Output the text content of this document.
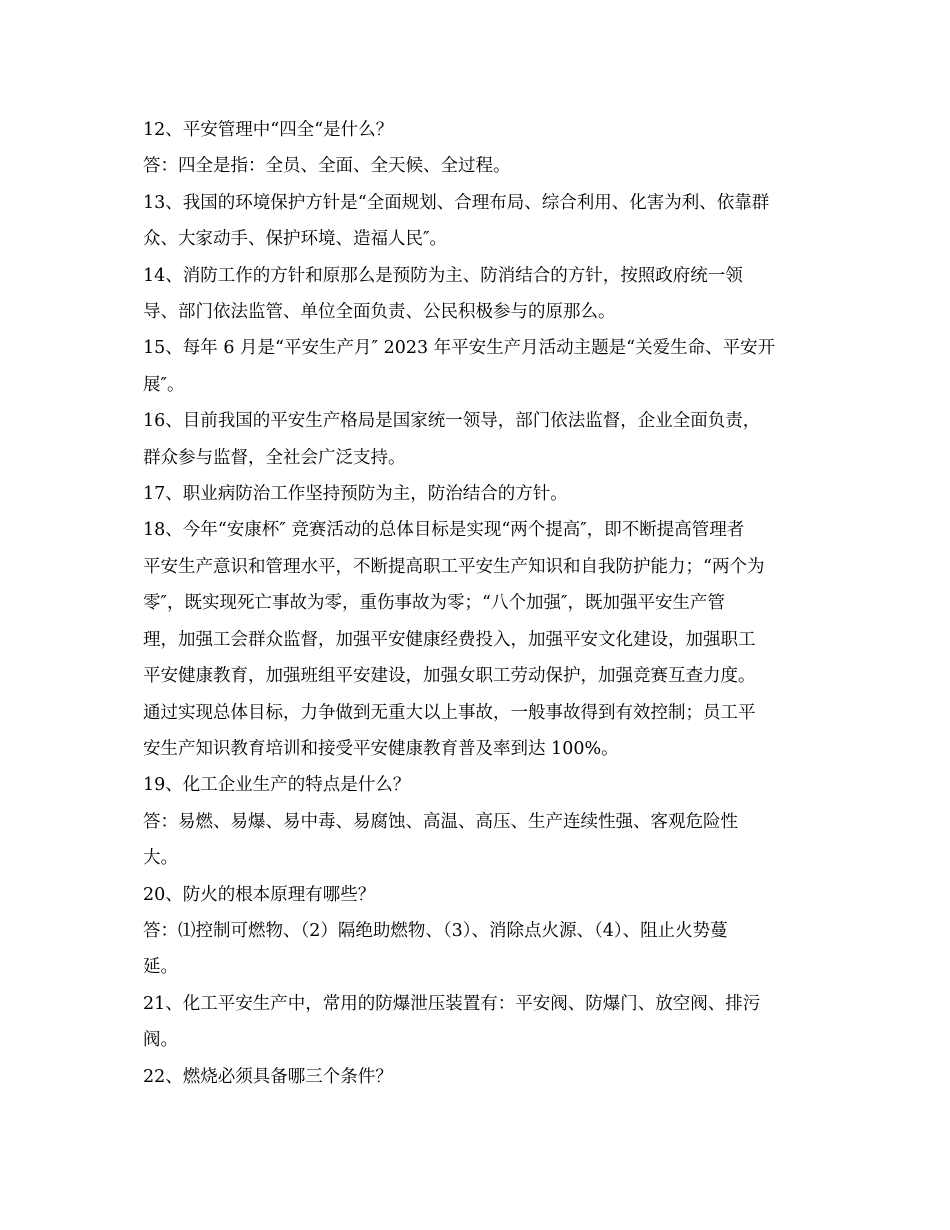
12、平安管理中“四全“是什么？

答：四全是指：全员、全面、全天候、全过程。

13、我国的环境保护方针是“全面规划、合理布局、综合利用、化害为利、依靠群

众、大家动手、保护环境、造福人民″。

14、消防工作的方针和原那么是预防为主、防消结合的方针，按照政府统一领

导、部门依法监管、单位全面负责、公民积极参与的原那么。

15、每年 6 月是“平安生产月″ 2023 年平安生产月活动主题是“关爱生命、平安开

展″。

16、目前我国的平安生产格局是国家统一领导，部门依法监督，企业全面负责，

群众参与监督，全社会广泛支持。

17、职业病防治工作坚持预防为主，防治结合的方针。

18、今年“安康杯″ 竞赛活动的总体目标是实现“两个提高″，即不断提高管理者

平安生产意识和管理水平，不断提高职工平安生产知识和自我防护能力；“两个为

零″，既实现死亡事故为零，重伤事故为零；“八个加强″，既加强平安生产管

理，加强工会群众监督，加强平安健康经费投入，加强平安文化建设，加强职工

平安健康教育，加强班组平安建设，加强女职工劳动保护，加强竞赛互查力度。

通过实现总体目标，力争做到无重大以上事故，一般事故得到有效控制；员工平

安生产知识教育培训和接受平安健康教育普及率到达 100%。

19、化工企业生产的特点是什么？

答：易燃、易爆、易中毒、易腐蚀、高温、高压、生产连续性强、客观危险性

大。

20、防火的根本原理有哪些？

答：⑴控制可燃物、（2）隔绝助燃物、（3）、消除点火源、（4）、阻止火势蔓

延。

21、化工平安生产中，常用的防爆泄压装置有：平安阀、防爆门、放空阀、排污

阀。

22、燃烧必须具备哪三个条件？
